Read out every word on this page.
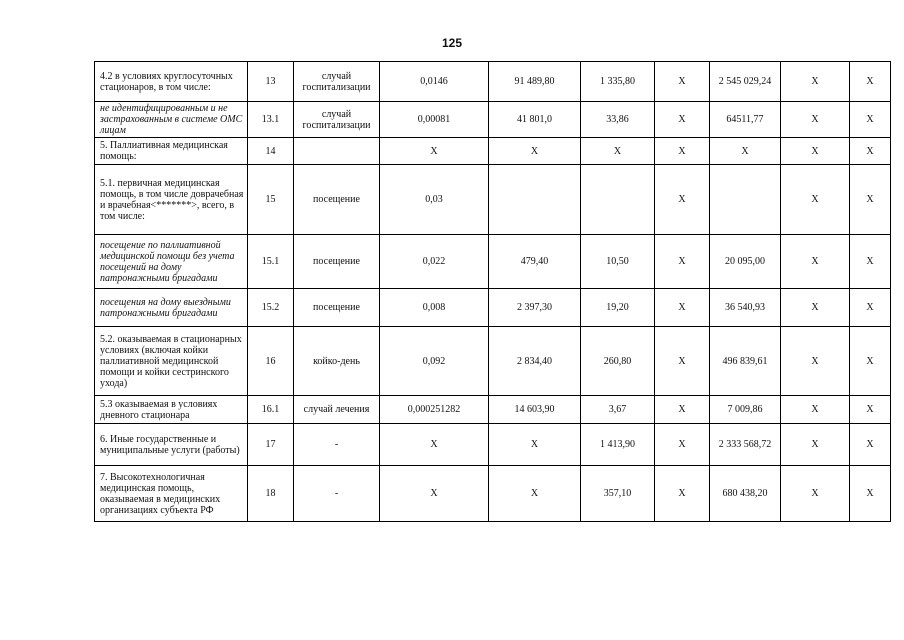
125
4.2 в условиях круглосуточных стационаров, в том числе:	13	случай госпитализации	0,0146	91 489,80	1 335,80	X	2 545 029,24	X	X
не идентифицированным и не застрахованным в системе ОМС лицам	13.1	случай госпитализации	0,00081	41 801,0	33,86	X	64511,77	X	X
5. Паллиативная медицинская помощь:	14		X	X	X	X	X	X	X
5.1. первичная медицинская помощь, в том числе доврачебная и врачебная<*******>, всего, в том числе:	15	посещение	0,03			X		X	X
посещение по паллиативной медицинской помощи без учета посещений на дому патронажными бригадами	15.1	посещение	0,022	479,40	10,50	X	20 095,00	X	X
посещения на дому выездными патронажными бригадами	15.2	посещение	0,008	2 397,30	19,20	X	36 540,93	X	X
5.2. оказываемая в стационарных условиях (включая койки паллиативной медицинской помощи и койки сестринского ухода)	16	койко-день	0,092	2 834,40	260,80	X	496 839,61	X	X
5.3 оказываемая в условиях дневного стационара	16.1	случай лечения	0,000251282	14 603,90	3,67	X	7 009,86	X	X
6. Иные государственные и муниципальные услуги (работы)	17	-	X	X	1 413,90	X	2 333 568,72	X	X
7. Высокотехнологичная медицинская помощь, оказываемая в медицинских организациях субъекта РФ	18	-	X	X	357,10	X	680 438,20	X	X
